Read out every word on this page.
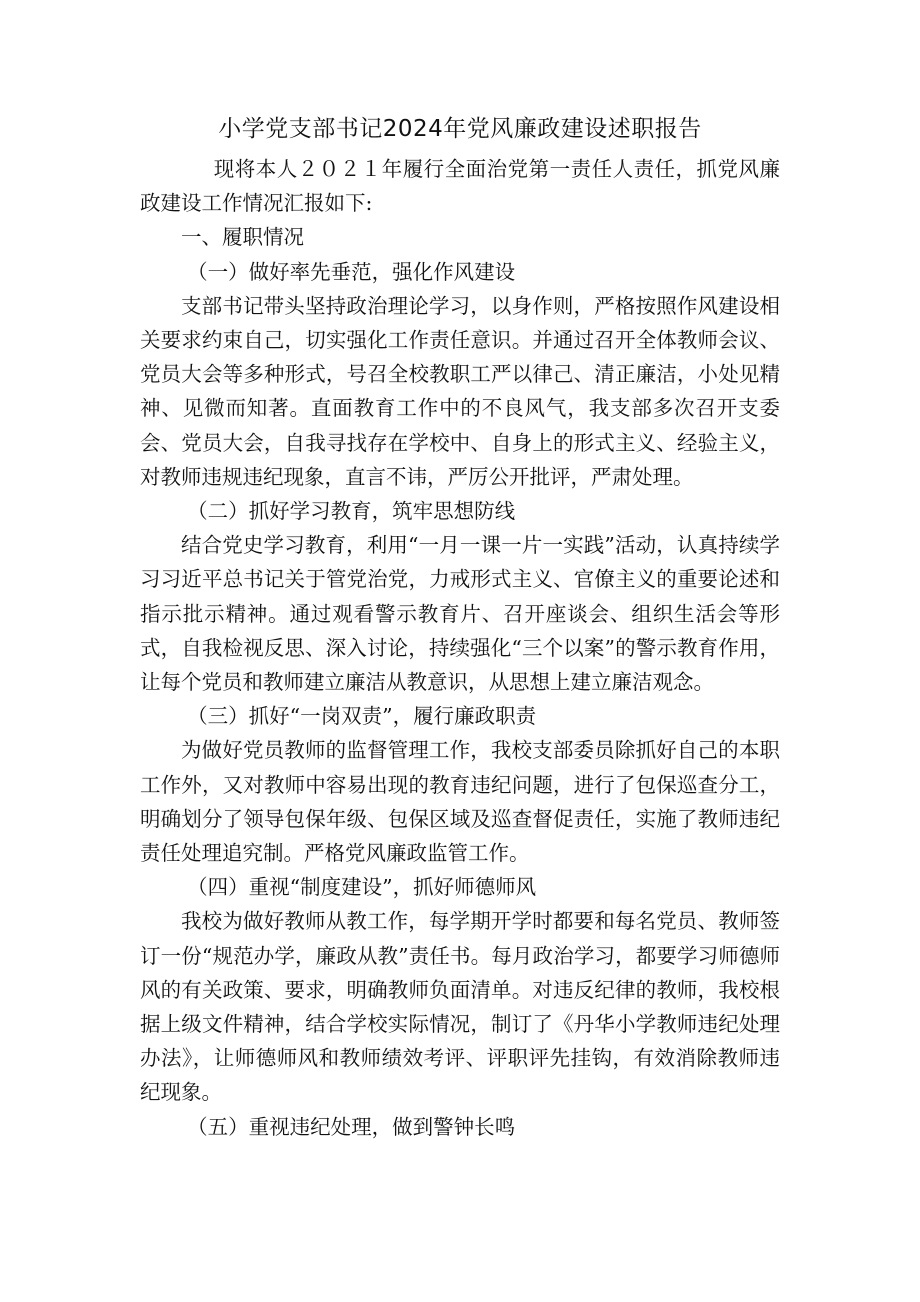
小学党支部书记2024年党风廉政建设述职报告

现将本人２０２１年履行全面治党第一责任人责任，抓党风廉政建设工作情况汇报如下:

一、履职情况

（一）做好率先垂范，强化作风建设

支部书记带头坚持政治理论学习，以身作则，严格按照作风建设相关要求约束自己，切实强化工作责任意识。并通过召开全体教师会议、党员大会等多种形式，号召全校教职工严以律己、清正廉洁，小处见精神、见微而知著。直面教育工作中的不良风气，我支部多次召开支委会、党员大会，自我寻找存在学校中、自身上的形式主义、经验主义，对教师违规违纪现象，直言不讳，严厉公开批评，严肃处理。

（二）抓好学习教育，筑牢思想防线

结合党史学习教育，利用“一月一课一片一实践”活动，认真持续学习习近平总书记关于管党治党，力戒形式主义、官僚主义的重要论述和指示批示精神。通过观看警示教育片、召开座谈会、组织生活会等形式，自我检视反思、深入讨论，持续强化“三个以案”的警示教育作用，让每个党员和教师建立廉洁从教意识，从思想上建立廉洁观念。

（三）抓好“一岗双责”，履行廉政职责

为做好党员教师的监督管理工作，我校支部委员除抓好自己的本职工作外，又对教师中容易出现的教育违纪问题，进行了包保巡查分工，明确划分了领导包保年级、包保区域及巡查督促责任，实施了教师违纪责任处理追究制。严格党风廉政监管工作。

（四）重视“制度建设”，抓好师德师风

我校为做好教师从教工作，每学期开学时都要和每名党员、教师签订一份“规范办学，廉政从教”责任书。每月政治学习，都要学习师德师风的有关政策、要求，明确教师负面清单。对违反纪律的教师，我校根据上级文件精神，结合学校实际情况，制订了《丹华小学教师违纪处理办法》，让师德师风和教师绩效考评、评职评先挂钩，有效消除教师违纪现象。

（五）重视违纪处理，做到警钟长鸣
